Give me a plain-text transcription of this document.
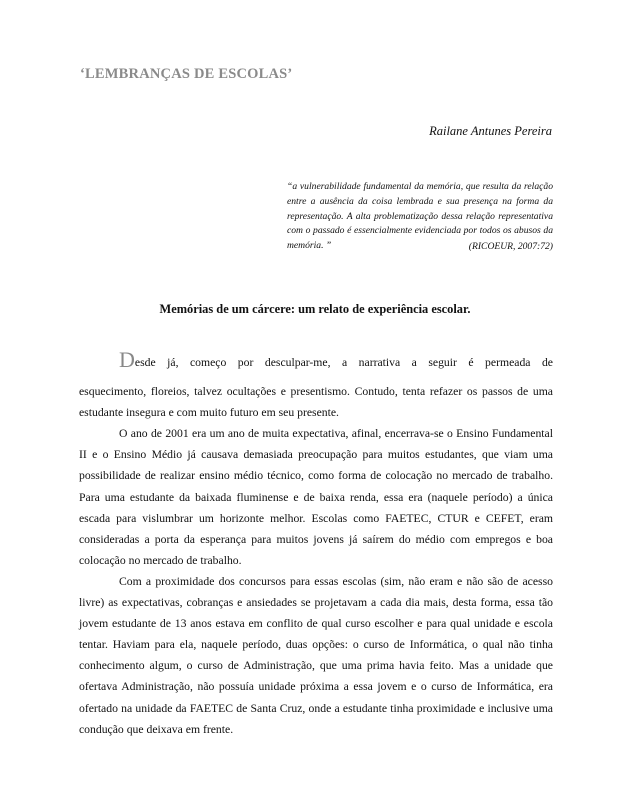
‘LEMBRANÇAS DE ESCOLAS’
Railane Antunes Pereira
“a vulnerabilidade fundamental da memória, que resulta da relação entre a ausência da coisa lembrada e sua presença na forma da representação. A alta problematização dessa relação representativa com o passado é essencialmente evidenciada por todos os abusos da memória. ”	(RICOEUR, 2007:72)
Memórias de um cárcere: um relato de experiência escolar.

Desde já, começo por desculpar-me, a narrativa a seguir é permeada de

esquecimento, floreios, talvez ocultações e presentismo. Contudo, tenta refazer os passos de uma estudante insegura e com muito futuro em seu presente.

O ano de 2001 era um ano de muita expectativa, afinal, encerrava-se o Ensino Fundamental II e o Ensino Médio já causava demasiada preocupação para muitos estudantes, que viam uma possibilidade de realizar ensino médio técnico, como forma de colocação no mercado de trabalho. Para uma estudante da baixada fluminense e de baixa renda, essa era (naquele período) a única escada para vislumbrar um horizonte melhor. Escolas como FAETEC, CTUR e CEFET, eram consideradas a porta da esperança para muitos jovens já saírem do médio com empregos e boa colocação no mercado de trabalho.

Com a proximidade dos concursos para essas escolas (sim, não eram e não são de acesso livre) as expectativas, cobranças e ansiedades se projetavam a cada dia mais, desta forma, essa tão jovem estudante de 13 anos estava em conflito de qual curso escolher e para qual unidade e escola tentar. Haviam para ela, naquele período, duas opções: o curso de Informática, o qual não tinha conhecimento algum, o curso de Administração, que uma prima havia feito. Mas a unidade que ofertava Administração, não possuía unidade próxima a essa jovem e o curso de Informática, era ofertado na unidade da FAETEC de Santa Cruz, onde a estudante tinha proximidade e inclusive uma condução que deixava em frente.
